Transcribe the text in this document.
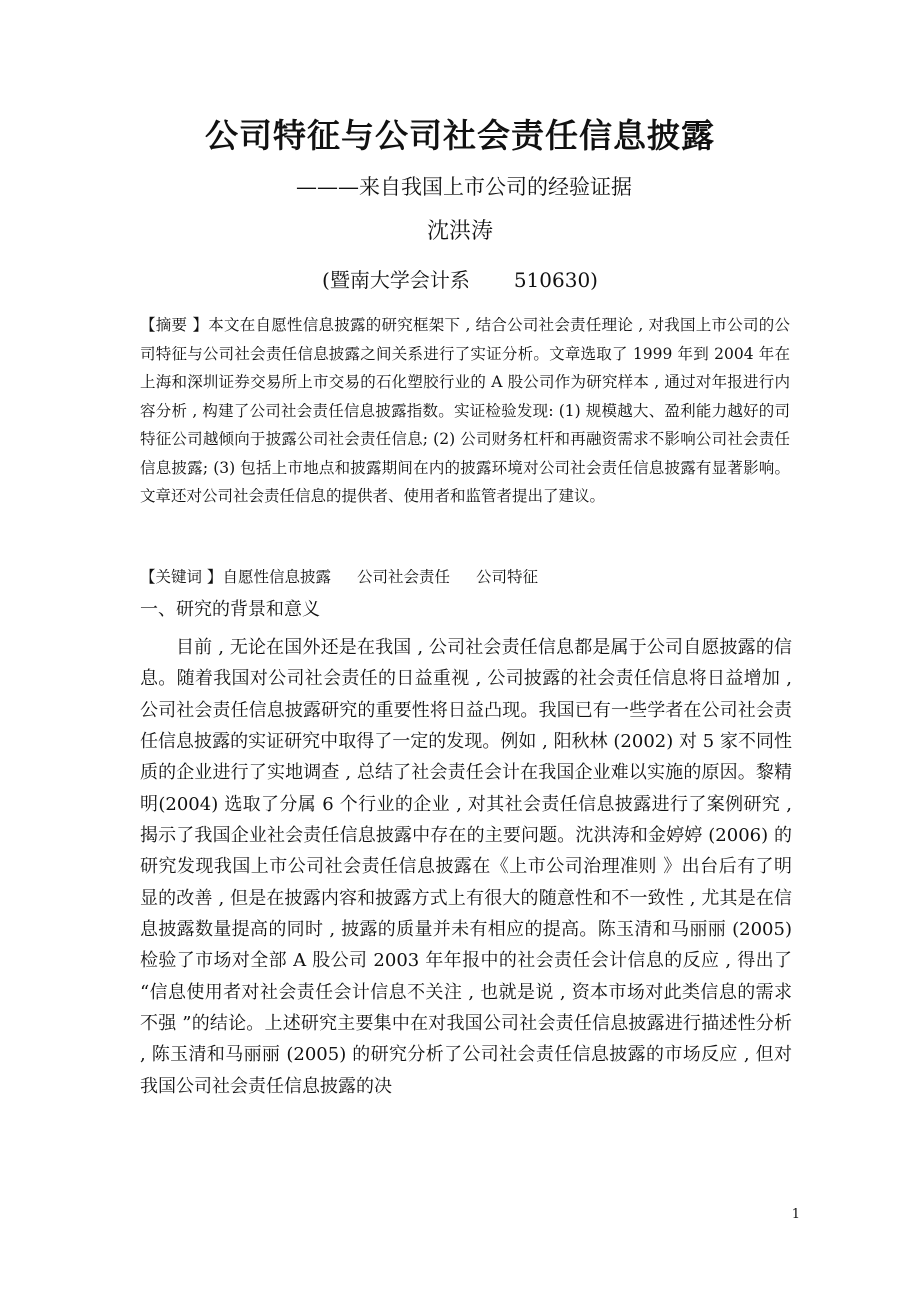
公司特征与公司社会责任信息披露

———来自我国上市公司的经验证据

沈洪涛

(暨南大学会计系 510630)

【摘要 】本文在自愿性信息披露的研究框架下 , 结合公司社会责任理论 , 对我国上市公司的公司特征与公司社会责任信息披露之间关系进行了实证分析。文章选取了 1999 年到 2004 年在上海和深圳证券交易所上市交易的石化塑胶行业的 A 股公司作为研究样本 , 通过对年报进行内容分析 , 构建了公司社会责任信息披露指数。实证检验发现: (1) 规模越大、盈利能力越好的司特征公司越倾向于披露公司社会责任信息; (2) 公司财务杠杆和再融资需求不影响公司社会责任信息披露; (3) 包括上市地点和披露期间在内的披露环境对公司社会责任信息披露有显著影响。文章还对公司社会责任信息的提供者、使用者和监管者提出了建议。

【关键词 】自愿性信息披露 公司社会责任 公司特征

一、研究的背景和意义

目前 , 无论在国外还是在我国 , 公司社会责任信息都是属于公司自愿披露的信息。随着我国对公司社会责任的日益重视 , 公司披露的社会责任信息将日益增加 , 公司社会责任信息披露研究的重要性将日益凸现。我国已有一些学者在公司社会责任信息披露的实证研究中取得了一定的发现。例如 , 阳秋林 (2002) 对 5 家不同性质的企业进行了实地调查 , 总结了社会责任会计在我国企业难以实施的原因。黎精明(2004) 选取了分属 6 个行业的企业 , 对其社会责任信息披露进行了案例研究 , 揭示了我国企业社会责任信息披露中存在的主要问题。沈洪涛和金婷婷 (2006) 的研究发现我国上市公司社会责任信息披露在《上市公司治理准则 》出台后有了明显的改善 , 但是在披露内容和披露方式上有很大的随意性和不一致性 , 尤其是在信息披露数量提高的同时 , 披露的质量并未有相应的提高。陈玉清和马丽丽 (2005) 检验了市场对全部 A 股公司 2003 年年报中的社会责任会计信息的反应 , 得出了 “信息使用者对社会责任会计信息不关注 , 也就是说 , 资本市场对此类信息的需求不强 ”的结论。上述研究主要集中在对我国公司社会责任信息披露进行描述性分析 , 陈玉清和马丽丽 (2005) 的研究分析了公司社会责任信息披露的市场反应 , 但对我国公司社会责任信息披露的决

1
